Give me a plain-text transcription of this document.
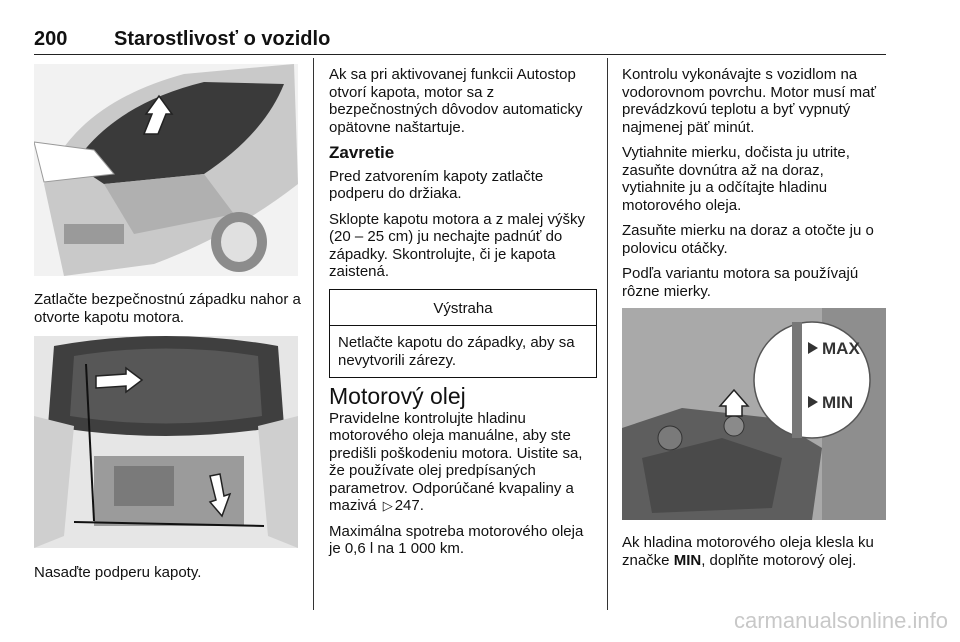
200 Starostlivosť o vozidlo
Zatlačte bezpečnostnú západku nahor a otvorte kapotu motora.
Nasaďte podperu kapoty.

Ak sa pri aktivovanej funkcii Autostop otvorí kapota, motor sa z bezpečnostných dôvodov automaticky opätovne naštartuje.

Zavretie

Pred zatvorením kapoty zatlačte podperu do držiaka.

Sklopte kapotu motora a z malej výšky (20 – 25 cm) ju nechajte padnúť do západky. Skontrolujte, či je kapota zaistená.

Výstraha
Netlačte kapotu do západky, aby sa nevytvorili zárezy.
Motorový olej

Pravidelne kontrolujte hladinu motorového oleja manuálne, aby ste predišli poškodeniu motora. Uistite sa, že používate olej predpísaných parametrov. Odporúčané kvapaliny a mazivá ▷ 247.

Maximálna spotreba motorového oleja je 0,6 l na 1 000 km.

Kontrolu vykonávajte s vozidlom na vodorovnom povrchu. Motor musí mať prevádzkovú teplotu a byť vypnutý najmenej päť minút.

Vytiahnite mierku, dočista ju utrite, zasuňte dovnútra až na doraz, vytiahnite ju a odčítajte hladinu motorového oleja.

Zasuňte mierku na doraz a otočte ju o polovicu otáčky.

Podľa variantu motora sa používajú rôzne mierky.

MAX
MIN
Ak hladina motorového oleja klesla ku značke MIN, doplňte motorový olej.
carmanualsonline.info
